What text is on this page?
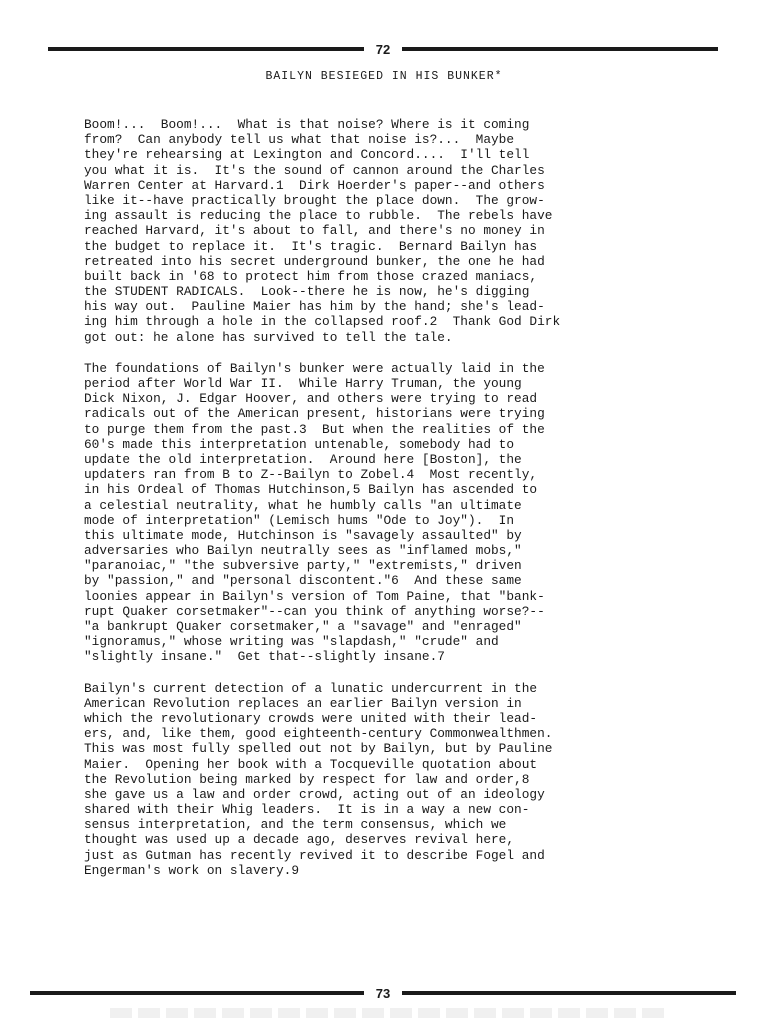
72
BAILYN BESIEGED IN HIS BUNKER*
Boom!...  Boom!...  What is that noise? Where is it coming
from?  Can anybody tell us what that noise is?...  Maybe
they're rehearsing at Lexington and Concord....  I'll tell
you what it is.  It's the sound of cannon around the Charles
Warren Center at Harvard.1  Dirk Hoerder's paper--and others
like it--have practically brought the place down.  The grow-
ing assault is reducing the place to rubble.  The rebels have
reached Harvard, it's about to fall, and there's no money in
the budget to replace it.  It's tragic.  Bernard Bailyn has
retreated into his secret underground bunker, the one he had
built back in '68 to protect him from those crazed maniacs,
the STUDENT RADICALS.  Look--there he is now, he's digging
his way out.  Pauline Maier has him by the hand; she's lead-
ing him through a hole in the collapsed roof.2  Thank God Dirk
got out: he alone has survived to tell the tale.
The foundations of Bailyn's bunker were actually laid in the
period after World War II.  While Harry Truman, the young
Dick Nixon, J. Edgar Hoover, and others were trying to read
radicals out of the American present, historians were trying
to purge them from the past.3  But when the realities of the
60's made this interpretation untenable, somebody had to
update the old interpretation.  Around here [Boston], the
updaters ran from B to Z--Bailyn to Zobel.4  Most recently,
in his Ordeal of Thomas Hutchinson,5 Bailyn has ascended to
a celestial neutrality, what he humbly calls "an ultimate
mode of interpretation" (Lemisch hums "Ode to Joy").  In
this ultimate mode, Hutchinson is "savagely assaulted" by
adversaries who Bailyn neutrally sees as "inflamed mobs,"
"paranoiac," "the subversive party," "extremists," driven
by "passion," and "personal discontent."6  And these same
loonies appear in Bailyn's version of Tom Paine, that "bank-
rupt Quaker corsetmaker"--can you think of anything worse?--
"a bankrupt Quaker corsetmaker," a "savage" and "enraged"
"ignoramus," whose writing was "slapdash," "crude" and
"slightly insane."  Get that--slightly insane.7
Bailyn's current detection of a lunatic undercurrent in the
American Revolution replaces an earlier Bailyn version in
which the revolutionary crowds were united with their lead-
ers, and, like them, good eighteenth-century Commonwealthmen.
This was most fully spelled out not by Bailyn, but by Pauline
Maier.  Opening her book with a Tocqueville quotation about
the Revolution being marked by respect for law and order,8
she gave us a law and order crowd, acting out of an ideology
shared with their Whig leaders.  It is in a way a new con-
sensus interpretation, and the term consensus, which we
thought was used up a decade ago, deserves revival here,
just as Gutman has recently revived it to describe Fogel and
Engerman's work on slavery.9
73
